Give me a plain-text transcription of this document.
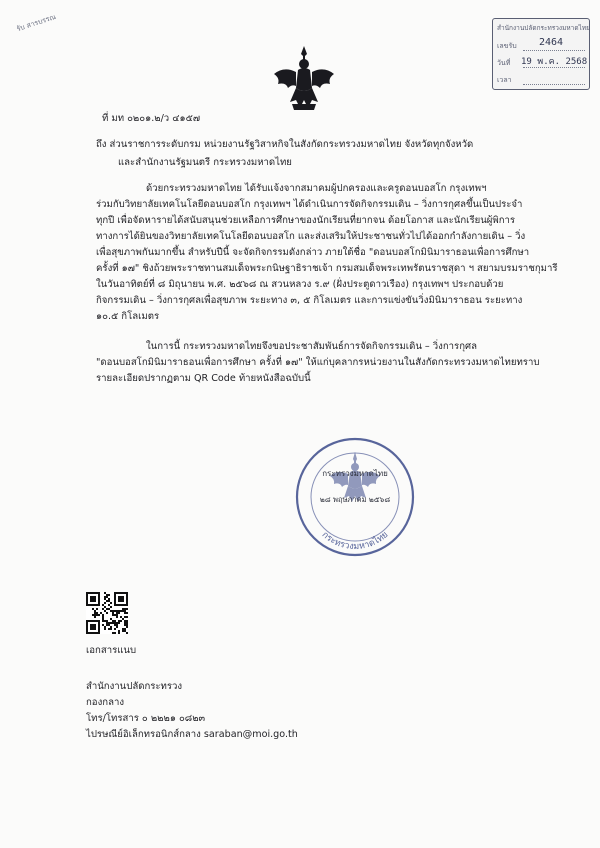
รับ สารบรรณ	สำนักงานปลัดกระทรวงมหาดไทย
เลขรับ 2464
วันที่ 19 พ.ค. 2568
เวลา
ที่ มท ๐๒๐๑.๒/ว ๔๑๕๗
ถึง ส่วนราชการระดับกรม หน่วยงานรัฐวิสาหกิจในสังกัดกระทรวงมหาดไทย จังหวัดทุกจังหวัด
และสำนักงานรัฐมนตรี กระทรวงมหาดไทย
ด้วยกระทรวงมหาดไทย ได้รับแจ้งจากสมาคมผู้ปกครองและครูดอนบอสโก กรุงเทพฯ
ร่วมกับวิทยาลัยเทคโนโลยีดอนบอสโก กรุงเทพฯ ได้ดำเนินการจัดกิจกรรมเดิน – วิ่งการกุศลขึ้นเป็นประจำ
ทุกปี เพื่อจัดหารายได้สนับสนุนช่วยเหลือการศึกษาของนักเรียนที่ยากจน ด้อยโอกาส และนักเรียนผู้พิการ
ทางการได้ยินของวิทยาลัยเทคโนโลยีดอนบอสโก และส่งเสริมให้ประชาชนทั่วไปได้ออกกำลังกายเดิน – วิ่ง
เพื่อสุขภาพกันมากขึ้น สำหรับปีนี้ จะจัดกิจกรรมดังกล่าว ภายใต้ชื่อ "ดอนบอสโกมินิมาราธอนเพื่อการศึกษา
ครั้งที่ ๑๗" ชิงถ้วยพระราชทานสมเด็จพระกนิษฐาธิราชเจ้า กรมสมเด็จพระเทพรัตนราชสุดา ฯ สยามบรมราชกุมารี
ในวันอาทิตย์ที่ ๘ มิถุนายน พ.ศ. ๒๕๖๘ ณ สวนหลวง ร.๙ (ฝั่งประตูดาวเรือง) กรุงเทพฯ ประกอบด้วย
กิจกรรมเดิน – วิ่งการกุศลเพื่อสุขภาพ ระยะทาง ๓, ๕ กิโลเมตร และการแข่งขันวิ่งมินิมาราธอน ระยะทาง
๑๐.๕ กิโลเมตร
ในการนี้ กระทรวงมหาดไทยจึงขอประชาสัมพันธ์การจัดกิจกรรมเดิน – วิ่งการกุศล
"ดอนบอสโกมินิมาราธอนเพื่อการศึกษา ครั้งที่ ๑๗" ให้แก่บุคลากรหน่วยงานในสังกัดกระทรวงมหาดไทยทราบ
รายละเอียดปรากฏตาม QR Code ท้ายหนังสือฉบับนี้
กระทรวงมหาดไทย
๒๘ พฤษภาคม ๒๕๖๘
กระทรวงมหาดไทย
เอกสารแนบ
สำนักงานปลัดกระทรวง
กองกลาง
โทร/โทรสาร ๐ ๒๒๒๑ ๐๘๒๓
ไปรษณีย์อิเล็กทรอนิกส์กลาง saraban@moi.go.th
